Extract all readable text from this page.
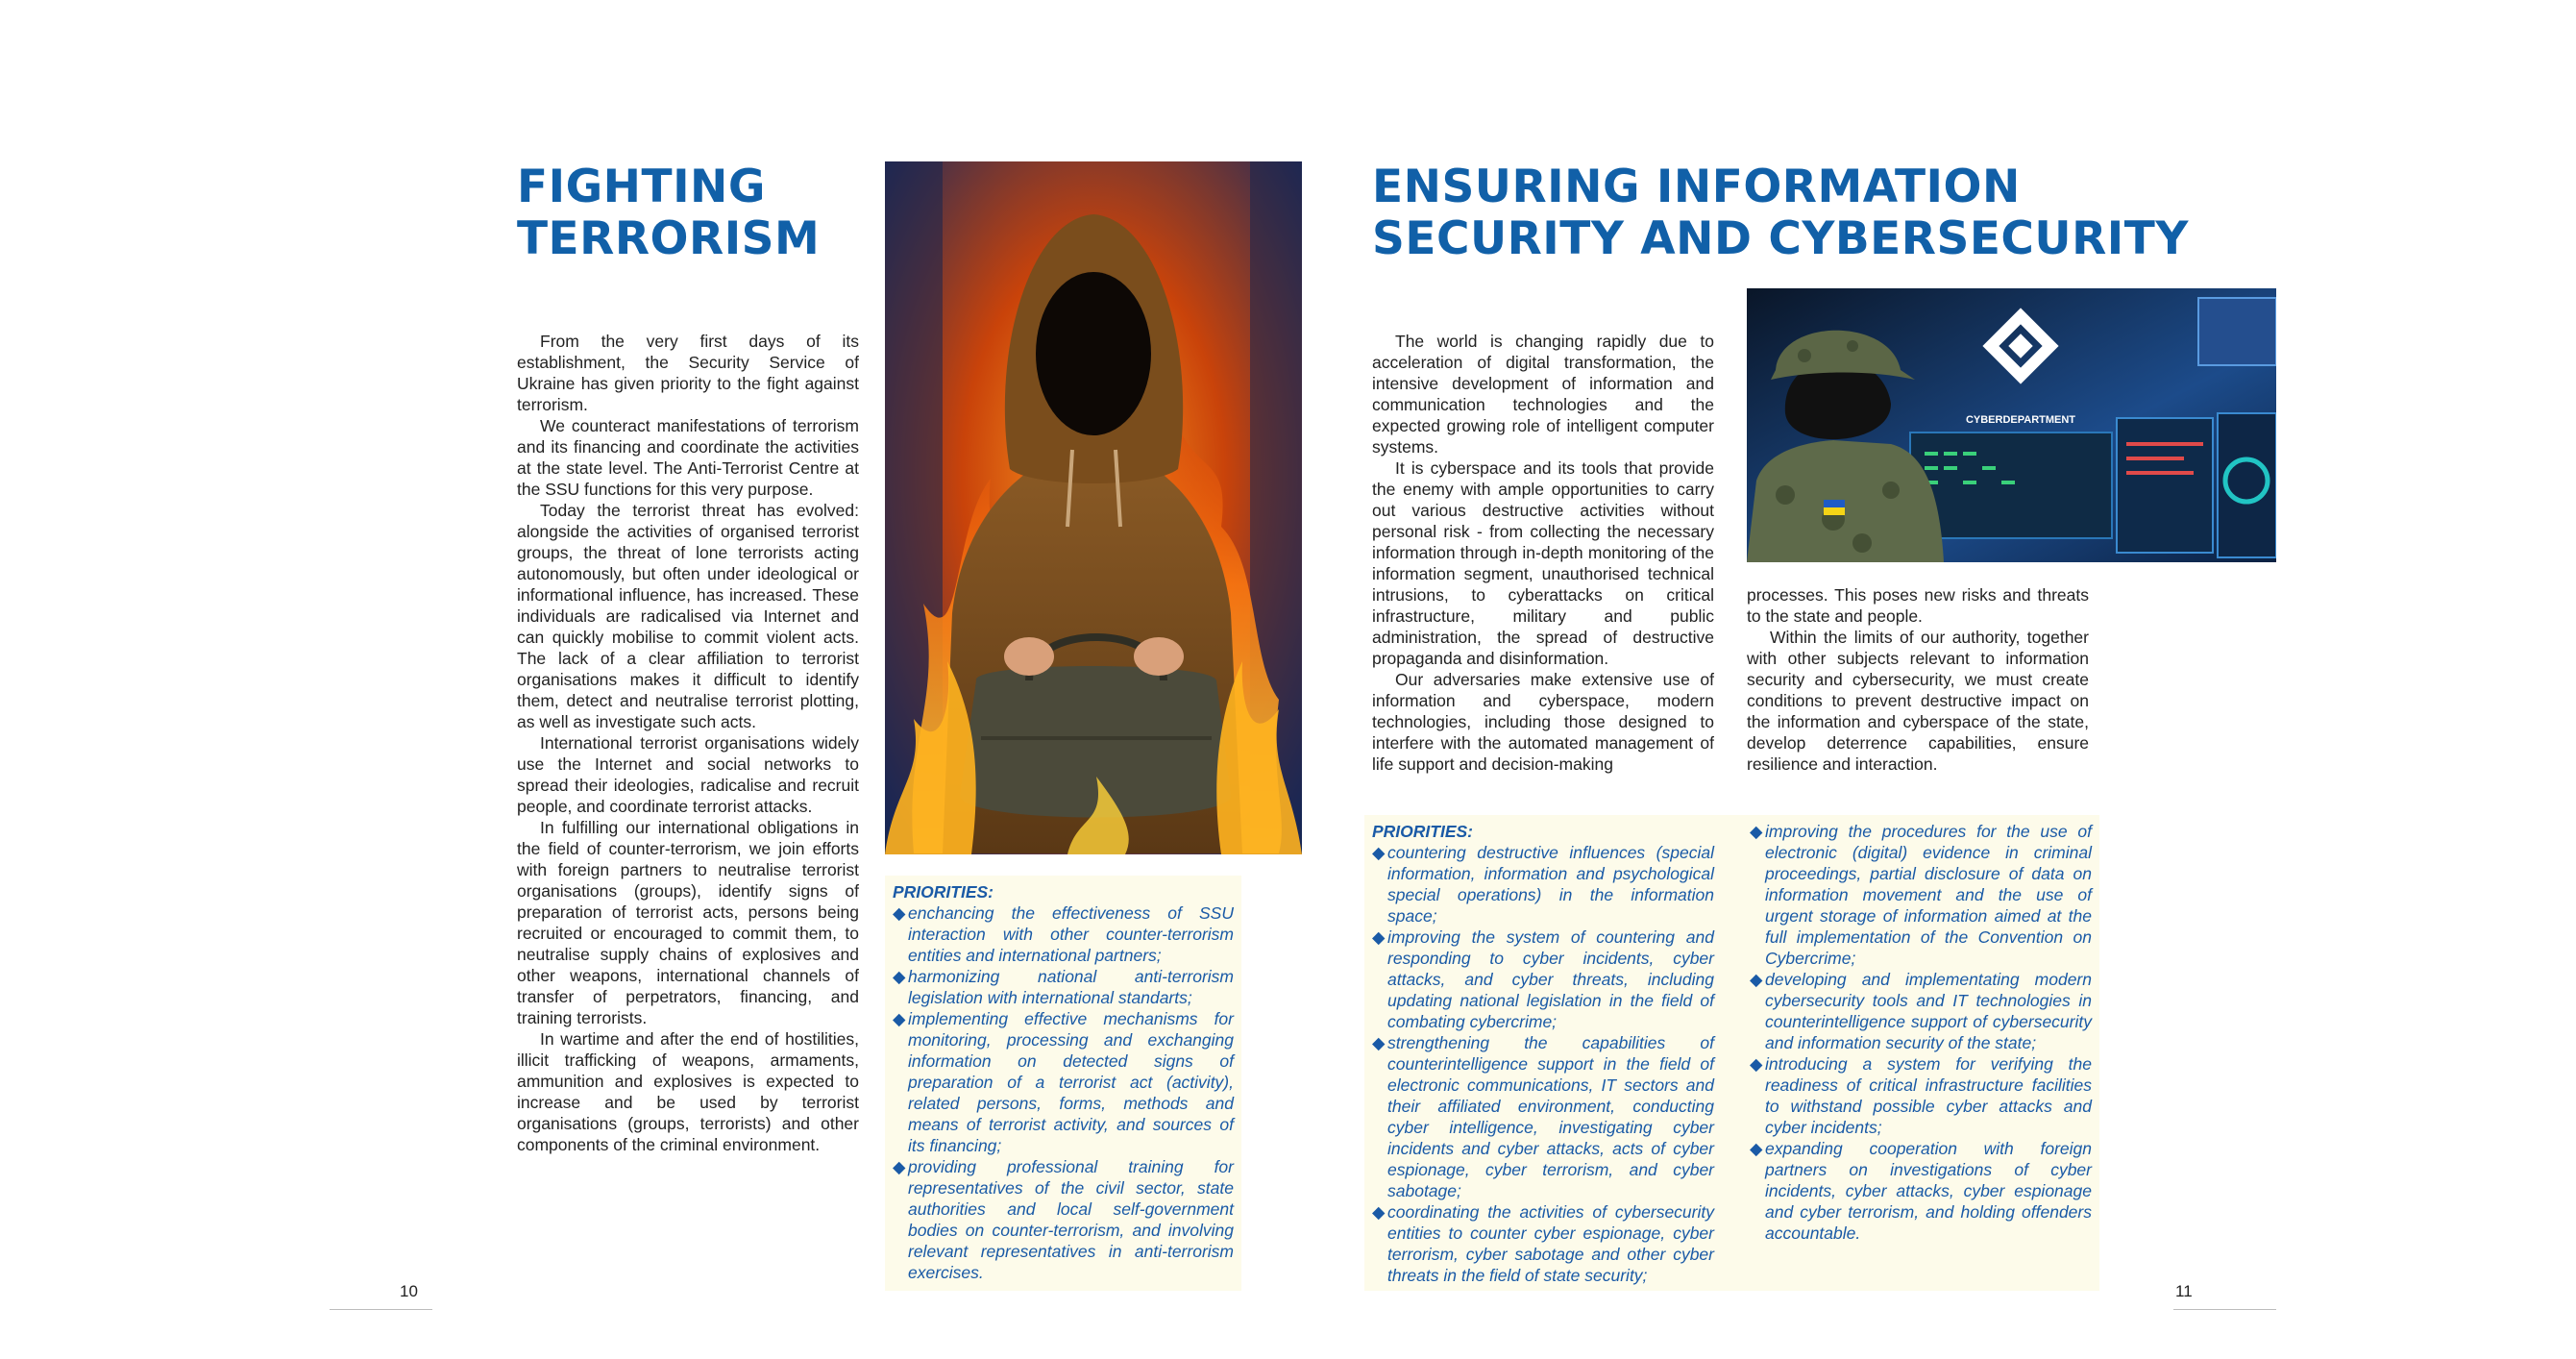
FIGHTING
TERRORISM

From the very first days of its establishment, the Security Service of Ukraine has given priority to the fight against terrorism.

We counteract manifestations of terrorism and its financing and coordinate the activities at the state level. The Anti-Terrorist Centre at the SSU functions for this very purpose.

Today the terrorist threat has evolved: alongside the activities of organised terrorist groups, the threat of lone terrorists acting autonomously, but often under ideological or informational influence, has increased. These individuals are radicalised via Internet and can quickly mobilise to commit violent acts. The lack of a clear affiliation to terrorist organisations makes it difficult to identify them, detect and neutralise terrorist plotting, as well as investigate such acts.

International terrorist organisations widely use the Internet and social networks to spread their ideologies, radicalise and recruit people, and coordinate terrorist attacks.

In fulfilling our international obligations in the field of counter-terrorism, we join efforts with foreign partners to neutralise terrorist organisations (groups), identify signs of preparation of terrorist acts, persons being recruited or encouraged to commit them, to neutralise supply chains of explosives and other weapons, international channels of transfer of perpetrators, financing, and training terrorists.

In wartime and after the end of hostilities, illicit trafficking of weapons, armaments, ammunition and explosives is expected to increase and be used by terrorist organisations (groups, terrorists) and other components of the criminal environment.

PRIORITIES:

◆ enchancing the effectiveness of SSU interaction with other counter-terrorism entities and international partners;
◆ harmonizing national anti-terrorism legislation with international standarts;
◆ implementing effective mechanisms for monitoring, processing and exchanging information on detected signs of preparation of a terrorist act (activity), related persons, forms, methods and means of terrorist activity, and sources of its financing;
◆ providing professional training for representatives of the civil sector, state authorities and local self-government bodies on counter-terrorism, and involving relevant representatives in anti-terrorism exercises.
10
ENSURING INFORMATION
SECURITY AND CYBERSECURITY

The world is changing rapidly due to acceleration of digital transformation, the intensive development of information and communication technologies and the expected growing role of intelligent computer systems.

It is cyberspace and its tools that provide the enemy with ample opportunities to carry out various destructive activities without personal risk - from collecting the necessary information through in-depth monitoring of the information segment, unauthorised technical intrusions, to cyberattacks on critical infrastructure, military and public administration, the spread of destructive propaganda and disinformation.

Our adversaries make extensive use of information and cyberspace, modern technologies, including those designed to interfere with the automated management of life support and decision-making

CYBERDEPARTMENT

processes. This poses new risks and threats to the state and people.

Within the limits of our authority, together with other subjects relevant to information security and cybersecurity, we must create conditions to prevent destructive impact on the information and cyberspace of the state, develop deterrence capabilities, ensure resilience and interaction.

PRIORITIES:

◆ countering destructive influences (special information, information and psychological special operations) in the information space;
◆ improving the system of countering and responding to cyber incidents, cyber attacks, and cyber threats, including updating national legislation in the field of combating cybercrime;
◆ strengthening the capabilities of counterintelligence support in the field of electronic communications, IT sectors and their affiliated environment, conducting cyber intelligence, investigating cyber incidents and cyber attacks, acts of cyber espionage, cyber terrorism, and cyber sabotage;
◆ coordinating the activities of cybersecurity entities to counter cyber espionage, cyber terrorism, cyber sabotage and other cyber threats in the field of state security;
◆ improving the procedures for the use of electronic (digital) evidence in criminal proceedings, partial disclosure of data on information movement and the use of urgent storage of information aimed at the full implementation of the Convention on Cybercrime;
◆ developing and implementating modern cybersecurity tools and IT technologies in counterintelligence support of cybersecurity and information security of the state;
◆ introducing a system for verifying the readiness of critical infrastructure facilities to withstand possible cyber attacks and cyber incidents;
◆ expanding cooperation with foreign partners on investigations of cyber incidents, cyber attacks, cyber espionage and cyber terrorism, and holding offenders accountable.
11
